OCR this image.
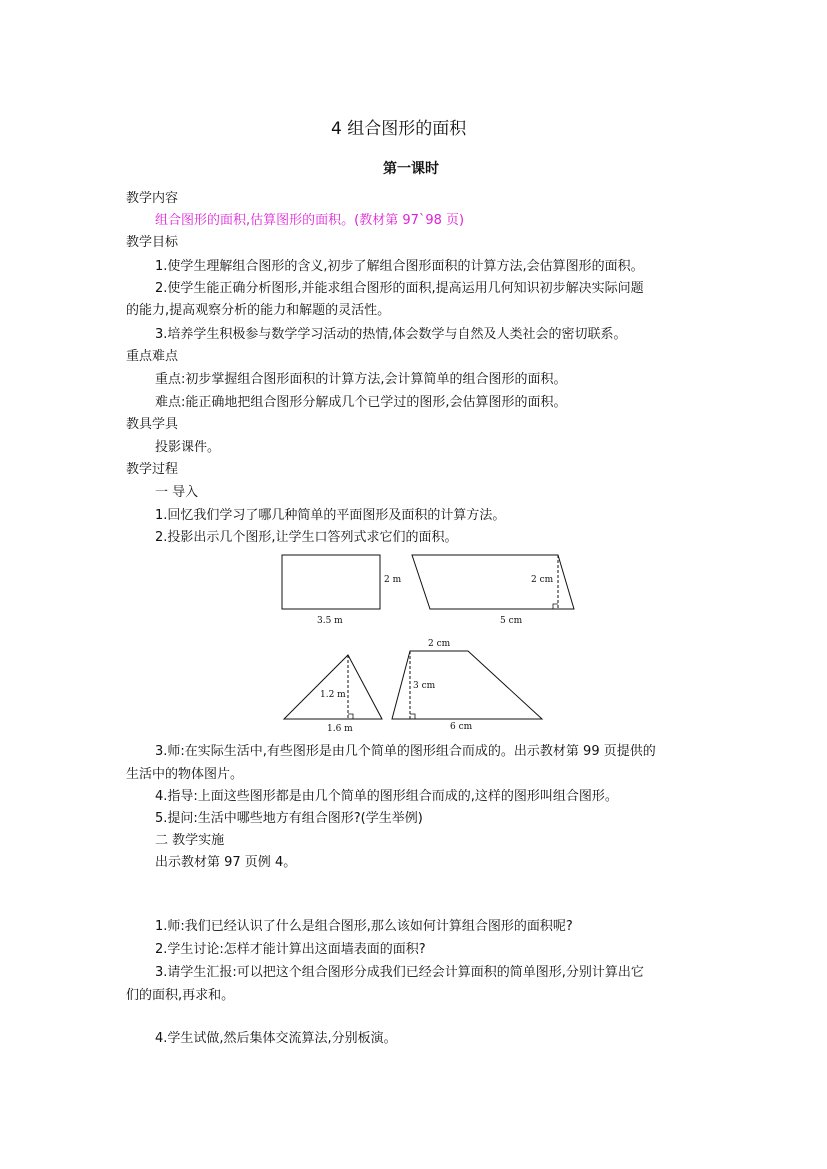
4 组合图形的面积
第一课时
教学内容
组合图形的面积,估算图形的面积。(教材第 97`98 页)
教学目标
1.使学生理解组合图形的含义,初步了解组合图形面积的计算方法,会估算图形的面积。
2.使学生能正确分析图形,并能求组合图形的面积,提高运用几何知识初步解决实际问题
的能力,提高观察分析的能力和解题的灵活性。
3.培养学生积极参与数学学习活动的热情,体会数学与自然及人类社会的密切联系。
重点难点
重点:初步掌握组合图形面积的计算方法,会计算简单的组合图形的面积。
难点:能正确地把组合图形分解成几个已学过的图形,会估算图形的面积。
教具学具
投影课件。
教学过程
一 导入
1.回忆我们学习了哪几种简单的平面图形及面积的计算方法。
2.投影出示几个图形,让学生口答列式求它们的面积。
2 m
3.5 m
2 cm
5 cm
1.2 m
1.6 m
2 cm
3 cm
6 cm
3.师:在实际生活中,有些图形是由几个简单的图形组合而成的。出示教材第 99 页提供的
生活中的物体图片。
4.指导:上面这些图形都是由几个简单的图形组合而成的,这样的图形叫组合图形。
5.提问:生活中哪些地方有组合图形?(学生举例)
二 教学实施
出示教材第 97 页例 4。
1.师:我们已经认识了什么是组合图形,那么该如何计算组合图形的面积呢?
2.学生讨论:怎样才能计算出这面墙表面的面积?
3.请学生汇报:可以把这个组合图形分成我们已经会计算面积的简单图形,分别计算出它
们的面积,再求和。
4.学生试做,然后集体交流算法,分别板演。
